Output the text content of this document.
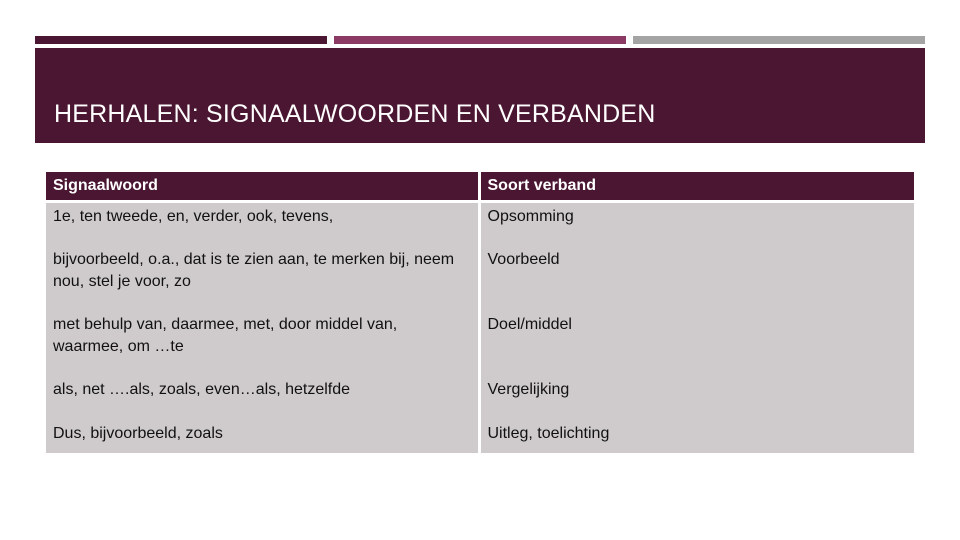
HERHALEN: SIGNAALWOORDEN EN VERBANDEN
Signaalwoord	Soort verband
1e, ten tweede, en, verder, ook, tevens,	Opsomming
bijvoorbeeld, o.a., dat is te zien aan, te merken bij, neem nou, stel je voor, zo	Voorbeeld
met behulp van, daarmee, met, door middel van, waarmee, om …te	Doel/middel
als, net ….als, zoals, even…als, hetzelfde	Vergelijking
Dus, bijvoorbeeld, zoals	Uitleg, toelichting
